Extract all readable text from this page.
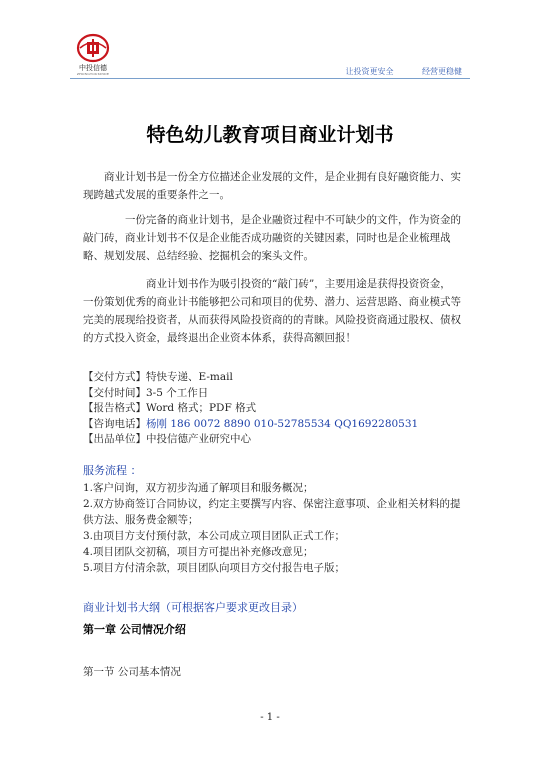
中投信德
ZHONGTOUXINDE	让投资更安全	经营更稳健
特色幼儿教育项目商业计划书
商业计划书是一份全方位描述企业发展的文件，是企业拥有良好融资能力、实现跨越式发展的重要条件之一。
一份完备的商业计划书，是企业融资过程中不可缺少的文件，作为资金的敲门砖，商业计划书不仅是企业能否成功融资的关键因素，同时也是企业梳理战略、规划发展、总结经验、挖掘机会的案头文件。
商业计划书作为吸引投资的“敲门砖”，主要用途是获得投资资金，一份策划优秀的商业计书能够把公司和项目的优势、潜力、运营思路、商业模式等完美的展现给投资者，从而获得风险投资商的的青睐。风险投资商通过股权、债权的方式投入资金，最终退出企业资本体系，获得高额回报！
【交付方式】特快专递、E-mail
【交付时间】3-5 个工作日
【报告格式】Word 格式；PDF 格式
【咨询电话】杨刚 186 0072 8890 010-52785534 QQ1692280531
【出品单位】中投信德产业研究中心
服务流程 ：
1.客户问询，双方初步沟通了解项目和服务概况；
2.双方协商签订合同协议，约定主要撰写内容、保密注意事项、企业相关材料的提供方法、服务费金额等；
3.由项目方支付预付款，本公司成立项目团队正式工作；
4.项目团队交初稿，项目方可提出补充修改意见；
5.项目方付清余款，项目团队向项目方交付报告电子版；
商业计划书大纲（可根据客户要求更改目录）
第一章 公司情况介绍
第一节 公司基本情况
- 1 -
